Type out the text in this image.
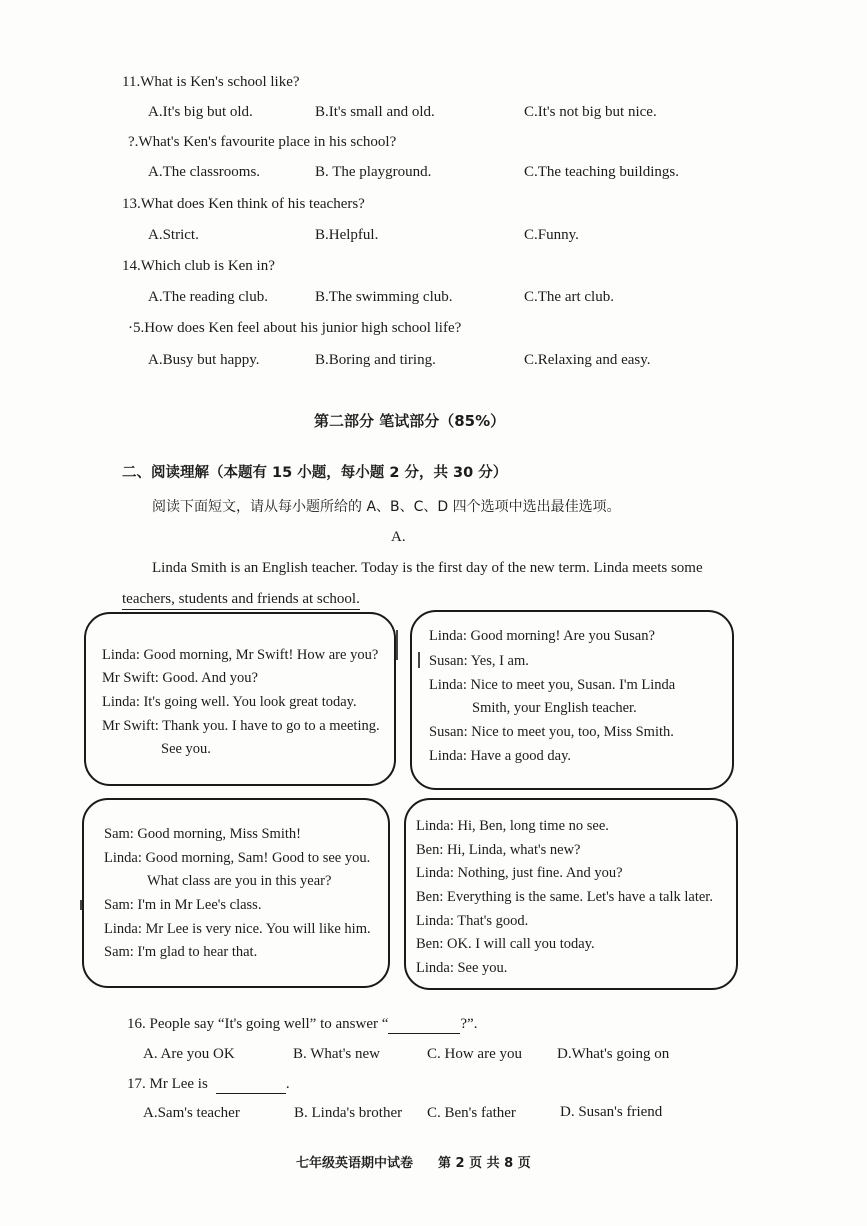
11.What is Ken's school like?
A.It's big but old.	B.It's small and old.	C.It's not big but nice.
?.What's Ken's favourite place in his school?
A.The classrooms.	B. The playground.	C.The teaching buildings.
13.What does Ken think of his teachers?
A.Strict.	B.Helpful.	C.Funny.
14.Which club is Ken in?
A.The reading club.	B.The swimming club.	C.The art club.
·5.How does Ken feel about his junior high school life?
A.Busy but happy.	B.Boring and tiring.	C.Relaxing and easy.
第二部分 笔试部分（85%）
二、阅读理解（本题有 15 小题，每小题 2 分，共 30 分）
阅读下面短文，请从每小题所给的 A、B、C、D 四个选项中选出最佳选项。
A.
Linda Smith is an English teacher. Today is the first day of the new term. Linda meets some
teachers, students and friends at school.
Linda: Good morning, Mr Swift! How are you?
Mr Swift: Good. And you?
Linda: It's going well. You look great today.
Mr Swift: Thank you. I have to go to a meeting.
See you.
Linda: Good morning! Are you Susan?
Susan: Yes, I am.
Linda: Nice to meet you, Susan. I'm Linda
Smith, your English teacher.
Susan: Nice to meet you, too, Miss Smith.
Linda: Have a good day.
Sam: Good morning, Miss Smith!
Linda: Good morning, Sam! Good to see you.
What class are you in this year?
Sam: I'm in Mr Lee's class.
Linda: Mr Lee is very nice. You will like him.
Sam: I'm glad to hear that.
Linda: Hi, Ben, long time no see.
Ben: Hi, Linda, what's new?
Linda: Nothing, just fine. And you?
Ben: Everything is the same. Let's have a talk later.
Linda: That's good.
Ben: OK. I will call you today.
Linda: See you.
16. People say “It's going well” to answer “	?”.
A. Are you OK	B. What's new	C. How are you D.What's going on
17. Mr Lee is	.
A.Sam's teacher	B. Linda's brother C. Ben's father	D. Susan's friend
七年级英语期中试卷 第 2 页 共 8 页
